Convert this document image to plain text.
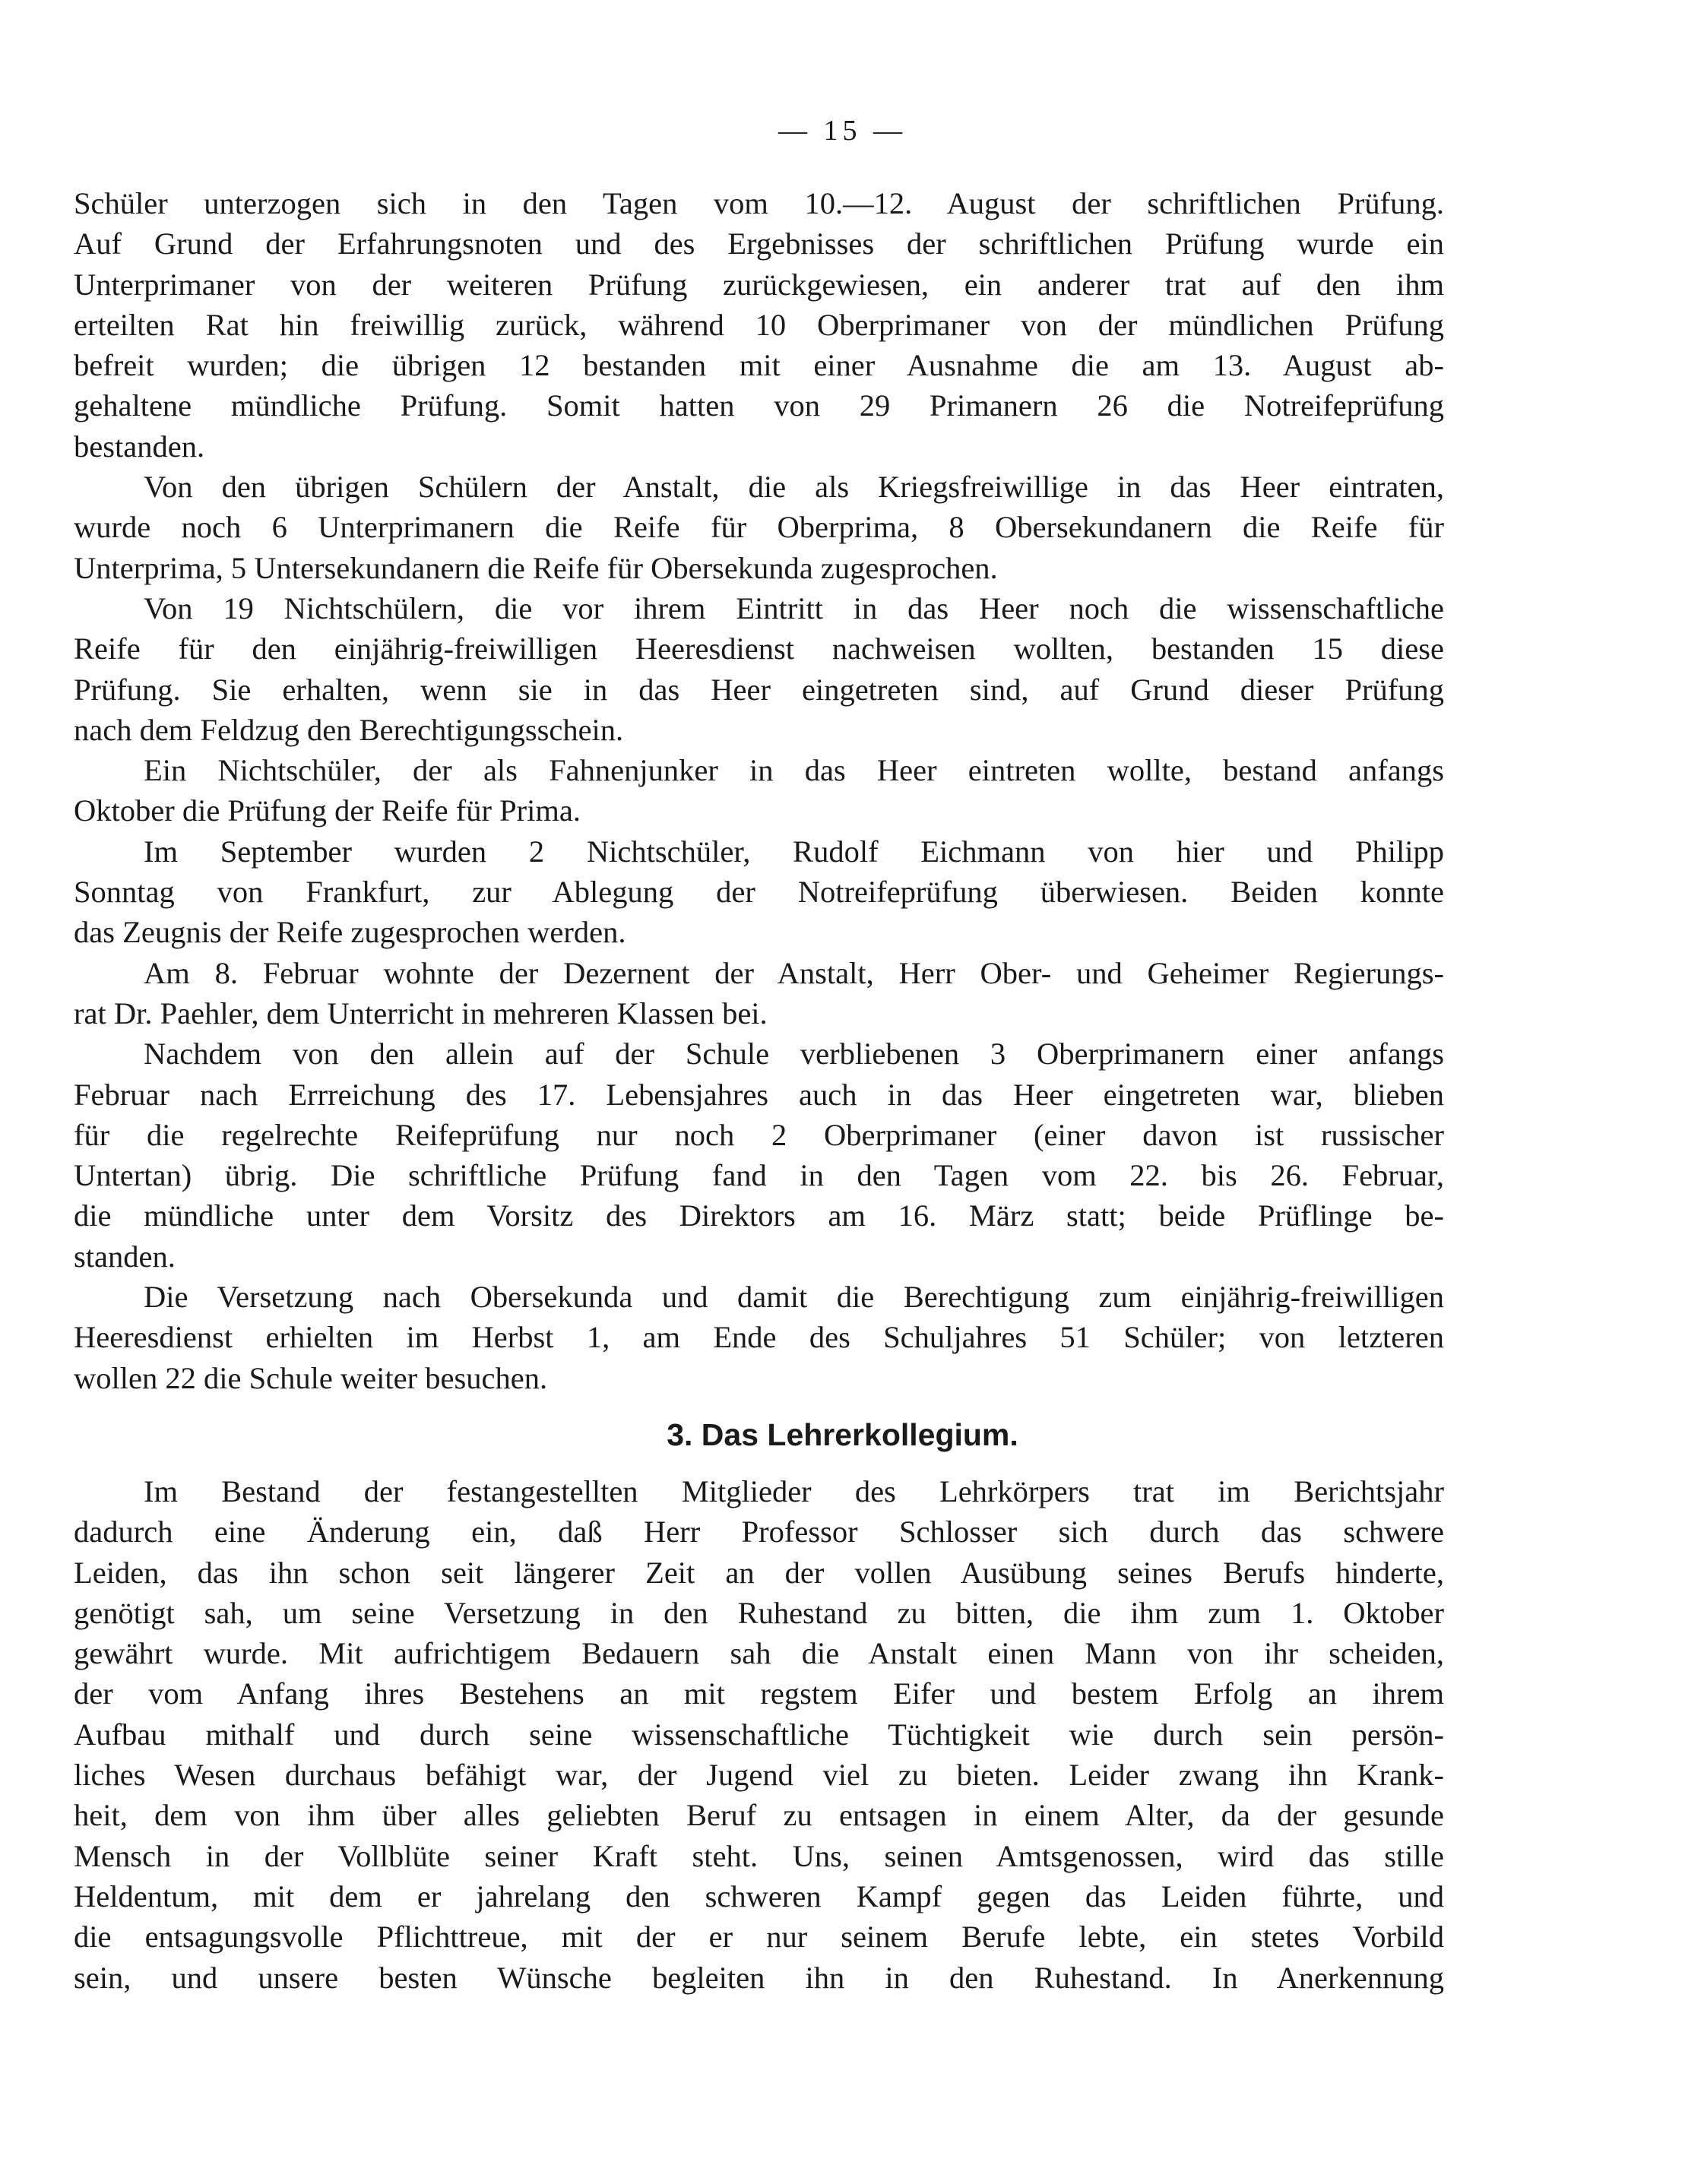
— 15 —
Schüler unterzogen sich in den Tagen vom 10.—12. August der schriftlichen Prüfung.
Auf Grund der Erfahrungsnoten und des Ergebnisses der schriftlichen Prüfung wurde ein
Unterprimaner von der weiteren Prüfung zurückgewiesen, ein anderer trat auf den ihm
erteilten Rat hin freiwillig zurück, während 10 Oberprimaner von der mündlichen Prüfung
befreit wurden; die übrigen 12 bestanden mit einer Ausnahme die am 13. August ab-
gehaltene mündliche Prüfung. Somit hatten von 29 Primanern 26 die Notreifeprüfung
bestanden.
Von den übrigen Schülern der Anstalt, die als Kriegsfreiwillige in das Heer eintraten,
wurde noch 6 Unterprimanern die Reife für Oberprima, 8 Obersekundanern die Reife für
Unterprima, 5 Untersekundanern die Reife für Obersekunda zugesprochen.
Von 19 Nichtschülern, die vor ihrem Eintritt in das Heer noch die wissenschaftliche
Reife für den einjährig-freiwilligen Heeresdienst nachweisen wollten, bestanden 15 diese
Prüfung. Sie erhalten, wenn sie in das Heer eingetreten sind, auf Grund dieser Prüfung
nach dem Feldzug den Berechtigungsschein.
Ein Nichtschüler, der als Fahnenjunker in das Heer eintreten wollte, bestand anfangs
Oktober die Prüfung der Reife für Prima.
Im September wurden 2 Nichtschüler, Rudolf Eichmann von hier und Philipp
Sonntag von Frankfurt, zur Ablegung der Notreifeprüfung überwiesen. Beiden konnte
das Zeugnis der Reife zugesprochen werden.
Am 8. Februar wohnte der Dezernent der Anstalt, Herr Ober- und Geheimer Regierungs-
rat Dr. Paehler, dem Unterricht in mehreren Klassen bei.
Nachdem von den allein auf der Schule verbliebenen 3 Oberprimanern einer anfangs
Februar nach Errreichung des 17. Lebensjahres auch in das Heer eingetreten war, blieben
für die regelrechte Reifeprüfung nur noch 2 Oberprimaner (einer davon ist russischer
Untertan) übrig. Die schriftliche Prüfung fand in den Tagen vom 22. bis 26. Februar,
die mündliche unter dem Vorsitz des Direktors am 16. März statt; beide Prüflinge be-
standen.
Die Versetzung nach Obersekunda und damit die Berechtigung zum einjährig-freiwilligen
Heeresdienst erhielten im Herbst 1, am Ende des Schuljahres 51 Schüler; von letzteren
wollen 22 die Schule weiter besuchen.
3. Das Lehrerkollegium.
Im Bestand der festangestellten Mitglieder des Lehrkörpers trat im Berichtsjahr
dadurch eine Änderung ein, daß Herr Professor Schlosser sich durch das schwere
Leiden, das ihn schon seit längerer Zeit an der vollen Ausübung seines Berufs hinderte,
genötigt sah, um seine Versetzung in den Ruhestand zu bitten, die ihm zum 1. Oktober
gewährt wurde. Mit aufrichtigem Bedauern sah die Anstalt einen Mann von ihr scheiden,
der vom Anfang ihres Bestehens an mit regstem Eifer und bestem Erfolg an ihrem
Aufbau mithalf und durch seine wissenschaftliche Tüchtigkeit wie durch sein persön-
liches Wesen durchaus befähigt war, der Jugend viel zu bieten. Leider zwang ihn Krank-
heit, dem von ihm über alles geliebten Beruf zu entsagen in einem Alter, da der gesunde
Mensch in der Vollblüte seiner Kraft steht. Uns, seinen Amtsgenossen, wird das stille
Heldentum, mit dem er jahrelang den schweren Kampf gegen das Leiden führte, und
die entsagungsvolle Pflichttreue, mit der er nur seinem Berufe lebte, ein stetes Vorbild
sein, und unsere besten Wünsche begleiten ihn in den Ruhestand. In Anerkennung
